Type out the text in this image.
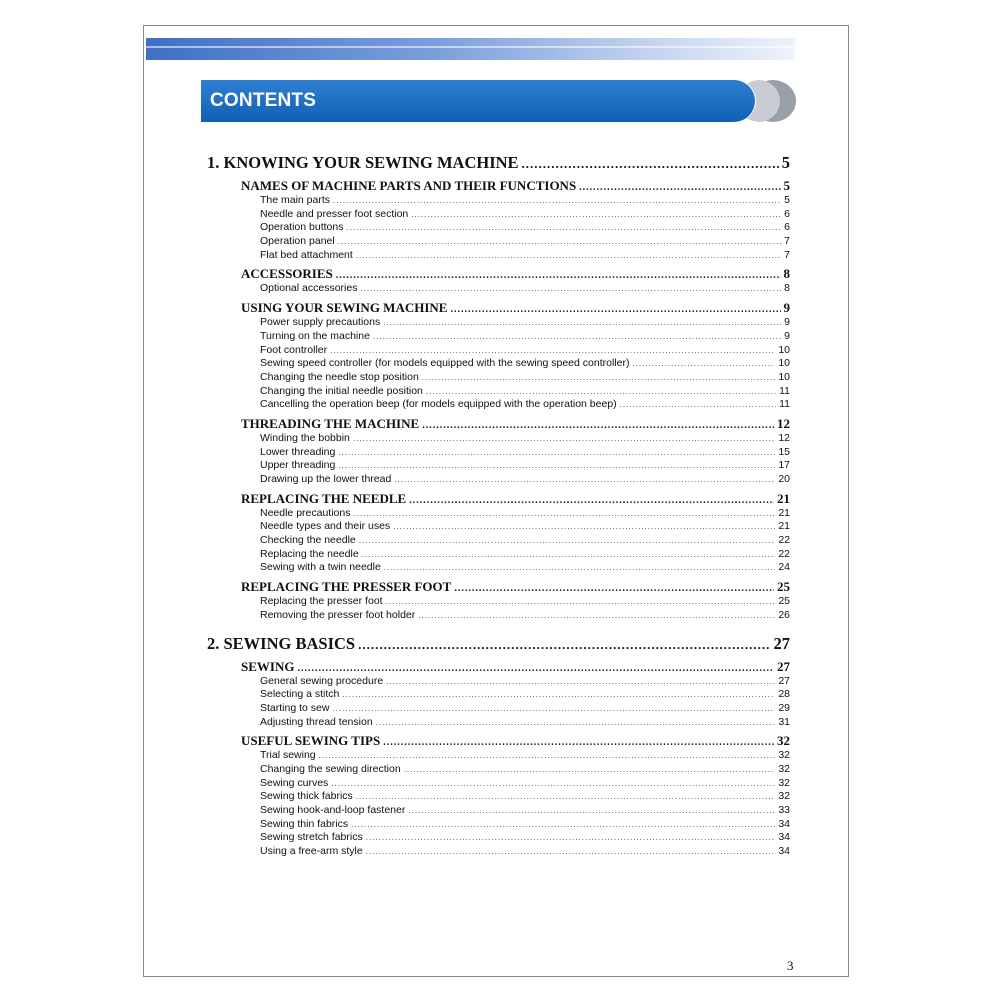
CONTENTS
1. KNOWING YOUR SEWING MACHINE .....	5
NAMES OF MACHINE PARTS AND THEIR FUNCTIONS .....	5
The main parts .....	5
Needle and presser foot section .....	6
Operation buttons .....	6
Operation panel .....	7
Flat bed attachment .....	7
ACCESSORIES .....	8
Optional accessories .....	8
USING YOUR SEWING MACHINE .....	9
Power supply precautions .....	9
Turning on the machine .....	9
Foot controller .....	10
Sewing speed controller (for models equipped with the sewing speed controller) .....	10
Changing the needle stop position .....	10
Changing the initial needle position .....	11
Cancelling the operation beep (for models equipped with the operation beep) .....	11
THREADING THE MACHINE .....	12
Winding the bobbin .....	12
Lower threading .....	15
Upper threading .....	17
Drawing up the lower thread .....	20
REPLACING THE NEEDLE .....	21
Needle precautions .....	21
Needle types and their uses .....	21
Checking the needle .....	22
Replacing the needle .....	22
Sewing with a twin needle .....	24
REPLACING THE PRESSER FOOT .....	25
Replacing the presser foot .....	25
Removing the presser foot holder .....	26
2. SEWING BASICS .....	27
SEWING .....	27
General sewing procedure .....	27
Selecting a stitch .....	28
Starting to sew .....	29
Adjusting thread tension .....	31
USEFUL SEWING TIPS .....	32
Trial sewing .....	32
Changing the sewing direction .....	32
Sewing curves .....	32
Sewing thick fabrics .....	32
Sewing hook-and-loop fastener .....	33
Sewing thin fabrics .....	34
Sewing stretch fabrics .....	34
Using a free-arm style .....	34
3
